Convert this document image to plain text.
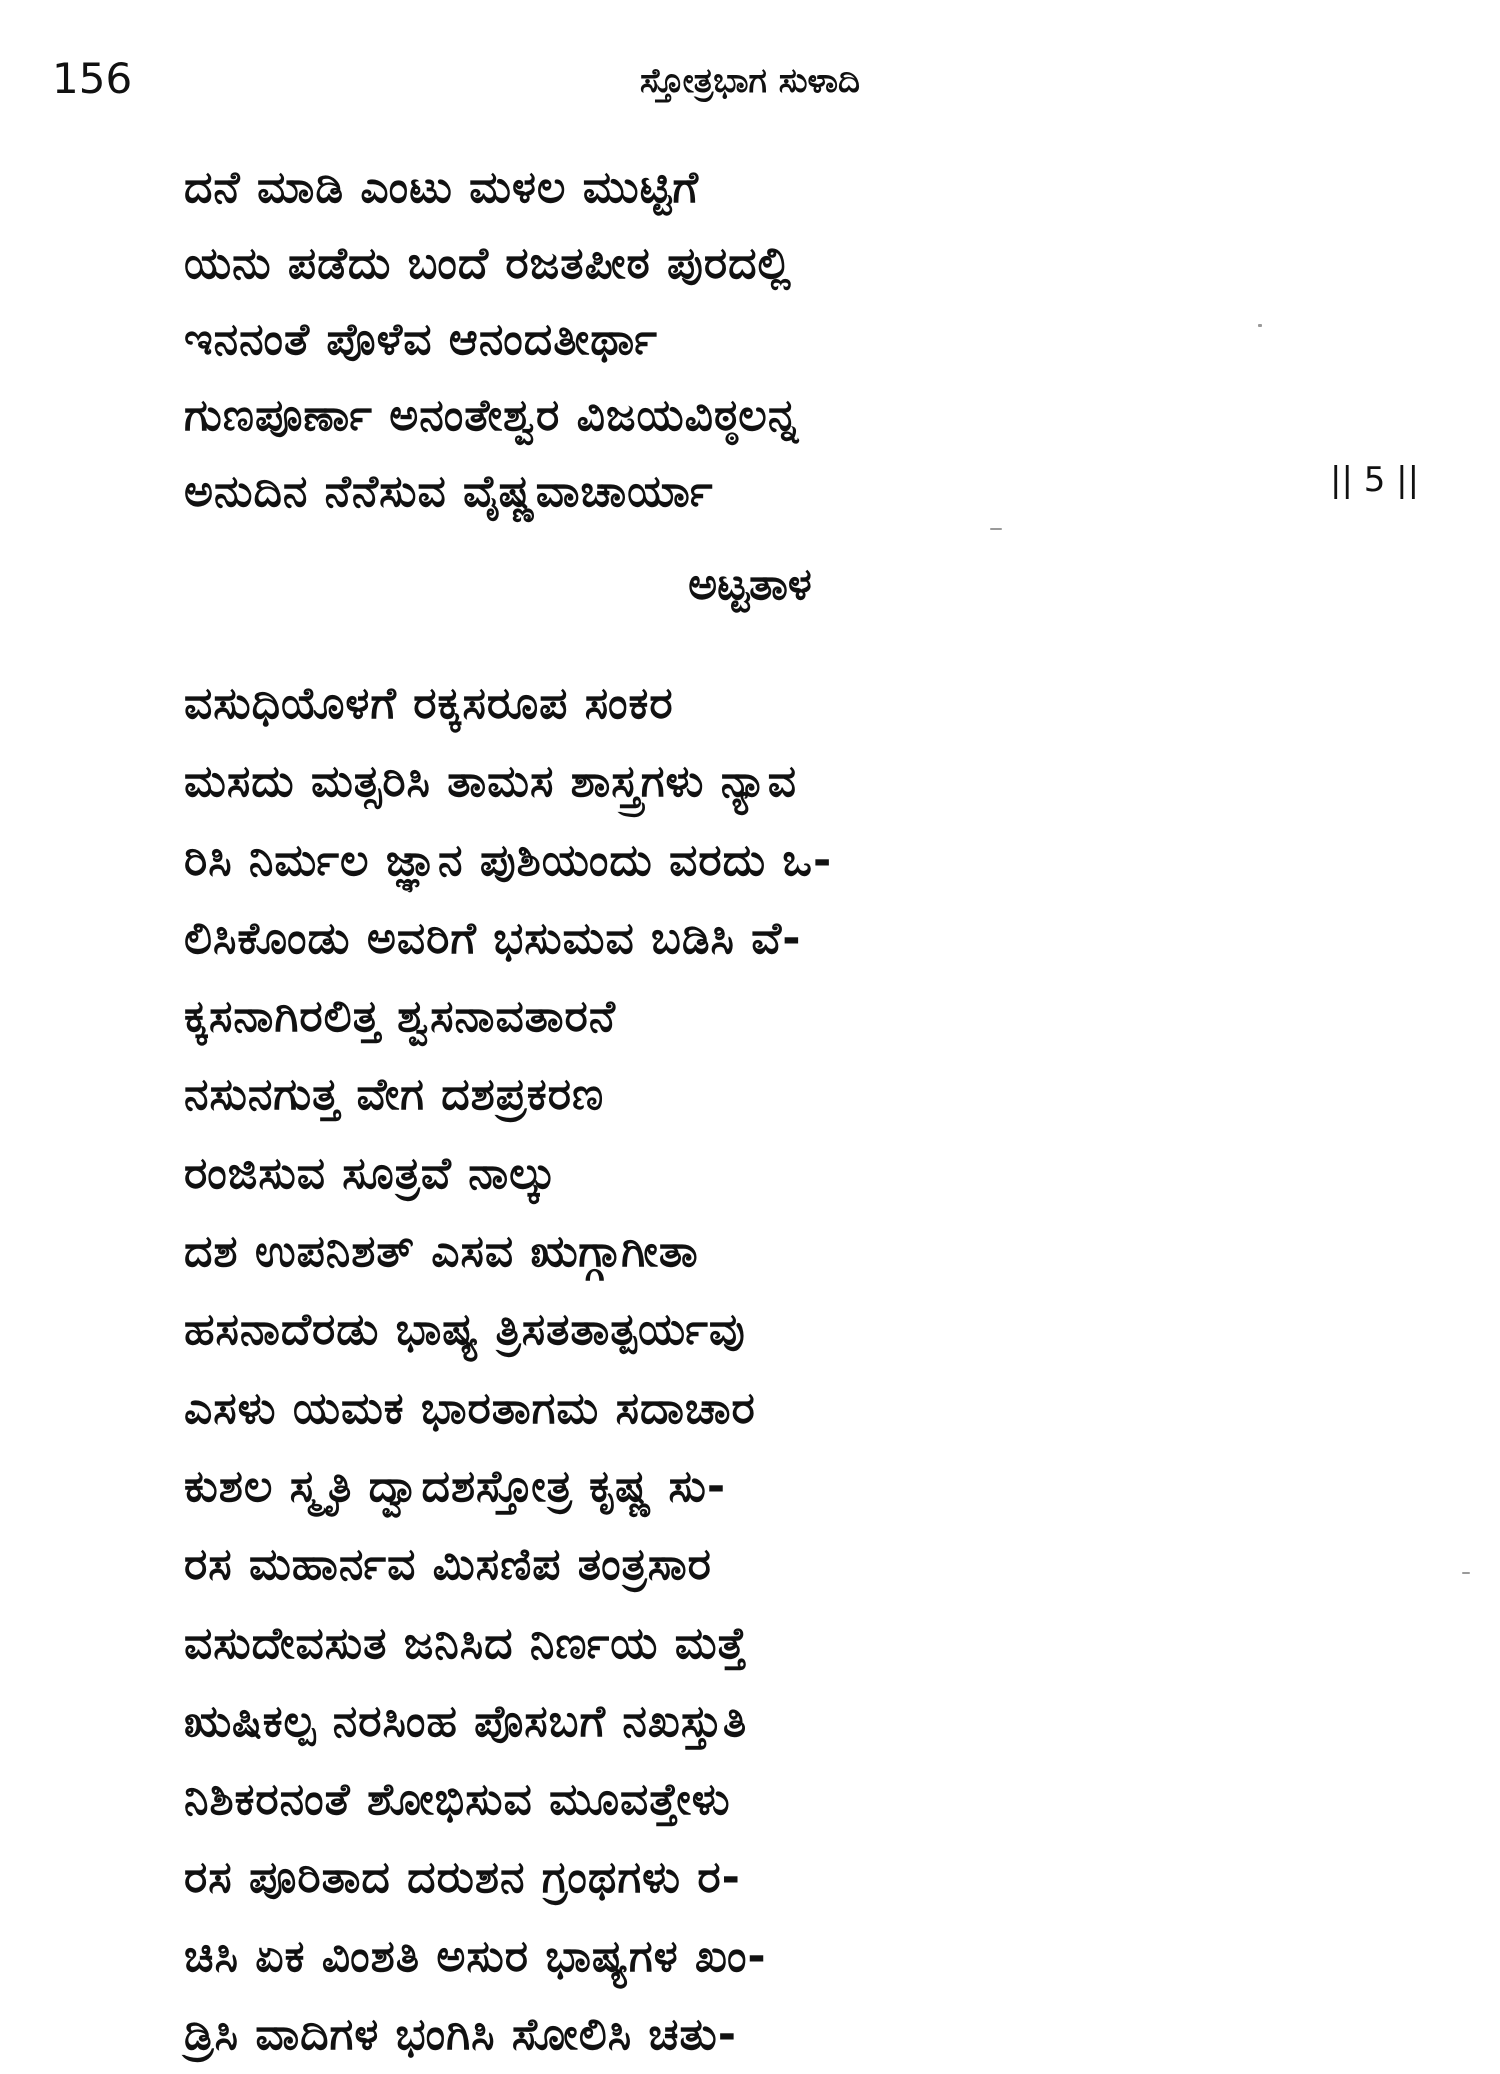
156	ಸ್ತೋತ್ರಭಾಗ ಸುಳಾದಿ
ದನೆ ಮಾಡಿ ಎಂಟು ಮಳಲ ಮುಟ್ಟಿಗೆ
ಯನು ಪಡೆದು ಬಂದೆ ರಜತಪೀಠ ಪುರದಲ್ಲಿ
ಇನನಂತೆ ಪೊಳೆವ ಆನಂದತೀರ್ಥಾ
ಗುಣಪೂರ್ಣಾ ಅನಂತೇಶ್ವರ ವಿಜಯವಿಠ್ಠಲನ್ನ
ಅನುದಿನ ನೆನೆಸುವ ವೈಷ್ಣವಾಚಾರ್ಯಾ	|| 5 ||
ಅಟ್ಟತಾಳ
ವಸುಧಿಯೊಳಗೆ ರಕ್ಕಸರೂಪ ಸಂಕರ
ಮಸದು ಮತ್ಸರಿಸಿ ತಾಮಸ ಶಾಸ್ತ್ರಗಳು ನ್ಯಾವ
ರಿಸಿ ನಿರ್ಮಲ ಜ್ಞಾನ ಪುಶಿಯಂದು ವರದು ಒ-
ಲಿಸಿಕೊಂಡು ಅವರಿಗೆ ಭಸುಮವ ಬಡಿಸಿ ವೆ-
ಕ್ಕಸನಾಗಿರಲಿತ್ತ ಶ್ವಸನಾವತಾರನೆ
ನಸುನಗುತ್ತ ವೇಗ ದಶಪ್ರಕರಣ
ರಂಜಿಸುವ ಸೂತ್ರವೆ ನಾಲ್ಕು
ದಶ ಉಪನಿಶತ್ ಎಸವ ಋಗ್ಗಾಗೀತಾ
ಹಸನಾದೆರಡು ಭಾಷ್ಯ ತ್ರಿಸತತಾತ್ಪರ್ಯವು
ಎಸಳು ಯಮಕ ಭಾರತಾಗಮ ಸದಾಚಾರ
ಕುಶಲ ಸ್ಮೃತಿ ದ್ವಾದಶಸ್ತೋತ್ರ ಕೃಷ್ಣ ಸು-
ರಸ ಮಹಾರ್ನವ ಮಿಸಣಿಪ ತಂತ್ರಸಾರ
ವಸುದೇವಸುತ ಜನಿಸಿದ ನಿರ್ಣಯ ಮತ್ತೆ
ಋಷಿಕಲ್ಪ ನರಸಿಂಹ ಪೊಸಬಗೆ ನಖಸ್ತುತಿ
ನಿಶಿಕರನಂತೆ ಶೋಭಿಸುವ ಮೂವತ್ತೇಳು
ರಸ ಪೂರಿತಾದ ದರುಶನ ಗ್ರಂಥಗಳು ರ-
ಚಿಸಿ ಏಕ ವಿಂಶತಿ ಅಸುರ ಭಾಷ್ಯಗಳ ಖಂ-
ಡ್ರಿಸಿ ವಾದಿಗಳ ಭಂಗಿಸಿ ಸೋಲಿಸಿ ಚತು-
